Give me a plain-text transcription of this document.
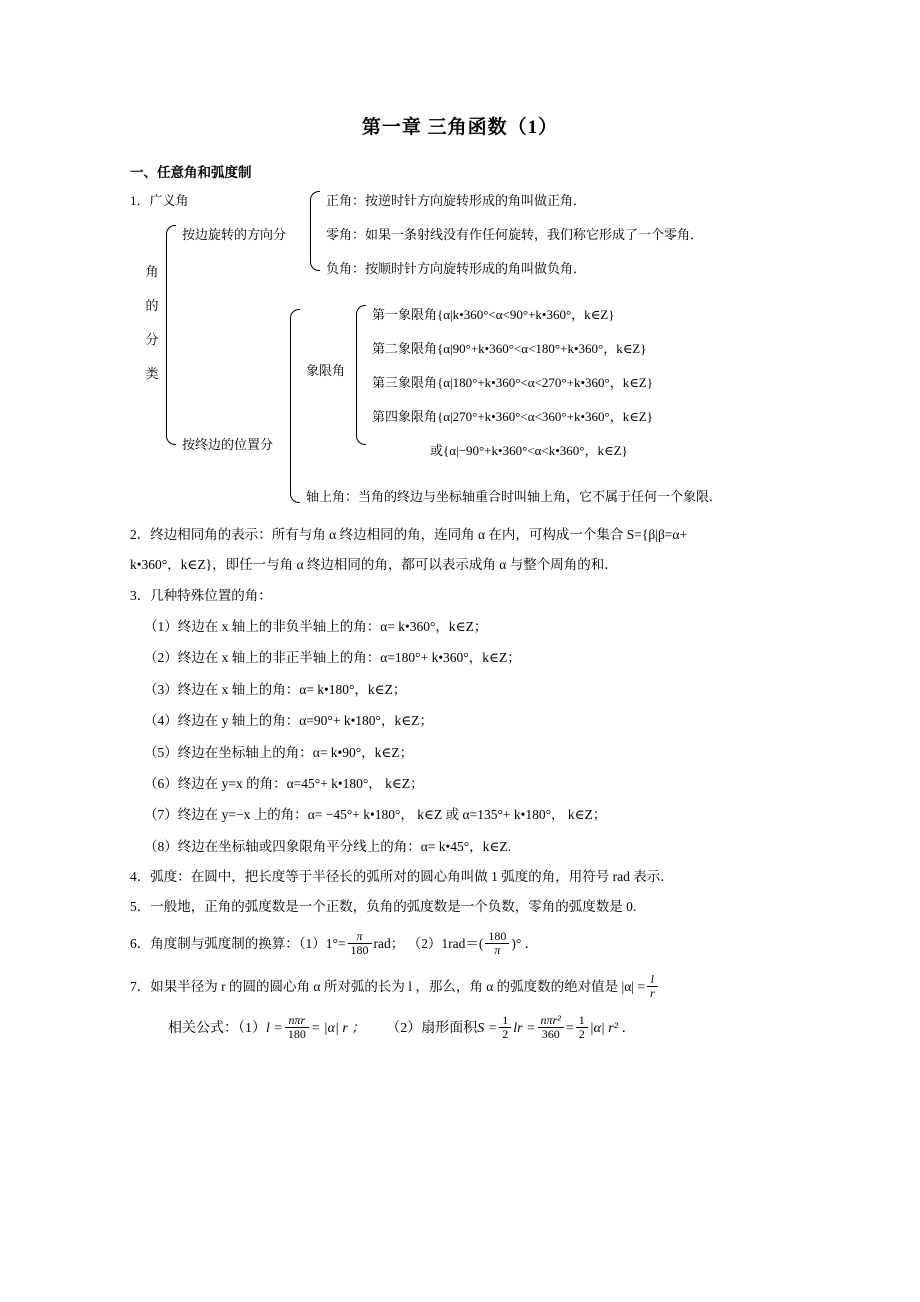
第一章 三角函数（1）
一、任意角和弧度制
1．广义角
角
的
分
类
按边旋转的方向分
按终边的位置分
正角：按逆时针方向旋转形成的角叫做正角．
零角：如果一条射线没有作任何旋转，我们称它形成了一个零角．
负角：按顺时针方向旋转形成的角叫做负角．
象限角
轴上角：当角的终边与坐标轴重合时叫轴上角，它不属于任何一个象限．
第一象限角{α|k•360°<α<90°+k•360°，k∈Z}
第二象限角{α|90°+k•360°<α<180°+k•360°，k∈Z}
第三象限角{α|180°+k•360°<α<270°+k•360°，k∈Z}
第四象限角{α|270°+k•360°<α<360°+k•360°，k∈Z}
或{α|−90°+k•360°<α<k•360°，k∈Z}
2．终边相同角的表示：所有与角 α 终边相同的角，连同角 α 在内，可构成一个集合 S={β|β=α+
k•360°，k∈Z}，即任一与角 α 终边相同的角，都可以表示成角 α 与整个周角的和．
3．几种特殊位置的角：
（1）终边在 x 轴上的非负半轴上的角：α= k•360°，k∈Z；
（2）终边在 x 轴上的非正半轴上的角：α=180°+ k•360°，k∈Z；
（3）终边在 x 轴上的角：α= k•180°，k∈Z；
（4）终边在 y 轴上的角：α=90°+ k•180°，k∈Z；
（5）终边在坐标轴上的角：α= k•90°，k∈Z；
（6）终边在 y=x 的角：α=45°+ k•180°， k∈Z；
（7）终边在 y=−x 上的角：α= −45°+ k•180°， k∈Z 或 α=135°+ k•180°， k∈Z；
（8）终边在坐标轴或四象限角平分线上的角：α= k•45°，k∈Z.
4．弧度：在圆中，把长度等于半径长的弧所对的圆心角叫做 1 弧度的角，用符号 rad 表示．
5．一般地，正角的弧度数是一个正数，负角的弧度数是一个负数，零角的弧度数是 0.
6．角度制与弧度制的换算：$(1)1^\circ= \frac{\pi}{180}$ rad； $(2)1rad=( \frac{180}{\pi}$ )° ．
7．如果半径为 r 的圆的圆心角 α 所对弧的长为 l ，那么，角 α 的弧度数的绝对值是 $|\alpha| = \frac{l}{r}$
相关公式：$(1)l = \frac{\text{nπr}}{180} = |\alpha|$ r ； （2）扇形面积$S = \frac{1}{2}$ lr = $\frac{\text{nπr²}}{360} = \frac{1}{2} |\alpha|$ r² ．
